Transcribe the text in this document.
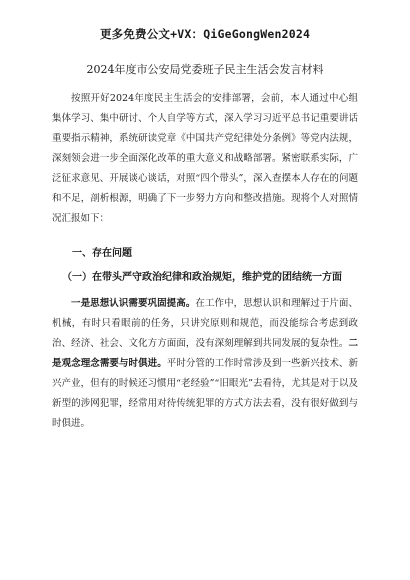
更多免费公文+VX：QiGeGongWen2024
2024年度市公安局党委班子民主生活会发言材料

按照开好2024年度民主生活会的安排部署，会前，本人通过中心组集体学习、集中研讨、个人自学等方式，深入学习习近平总书记重要讲话重要指示精神，系统研读党章《中国共产党纪律处分条例》等党内法规，深刻领会进一步全面深化改革的重大意义和战略部署。紧密联系实际，广泛征求意见、开展谈心谈话，对照“四个带头”，深入查摆本人存在的问题和不足，剖析根源，明确了下一步努力方向和整改措施。现将个人对照情况汇报如下：

一、存在问题

（一）在带头严守政治纪律和政治规矩，维护党的团结统一方面

一是思想认识需要巩固提高。在工作中，思想认识和理解过于片面、机械，有时只看眼前的任务，只讲究原则和规范，而没能综合考虑到政治、经济、社会、文化方方面面，没有深刻理解到共同发展的复杂性。二是观念理念需要与时俱进。平时分管的工作时常涉及到一些新兴技术、新兴产业，但有的时候还习惯用“老经验”“旧眼光”去看待，尤其是对于以及新型的涉网犯罪，经常用对待传统犯罪的方式方法去看，没有很好做到与时俱进。
